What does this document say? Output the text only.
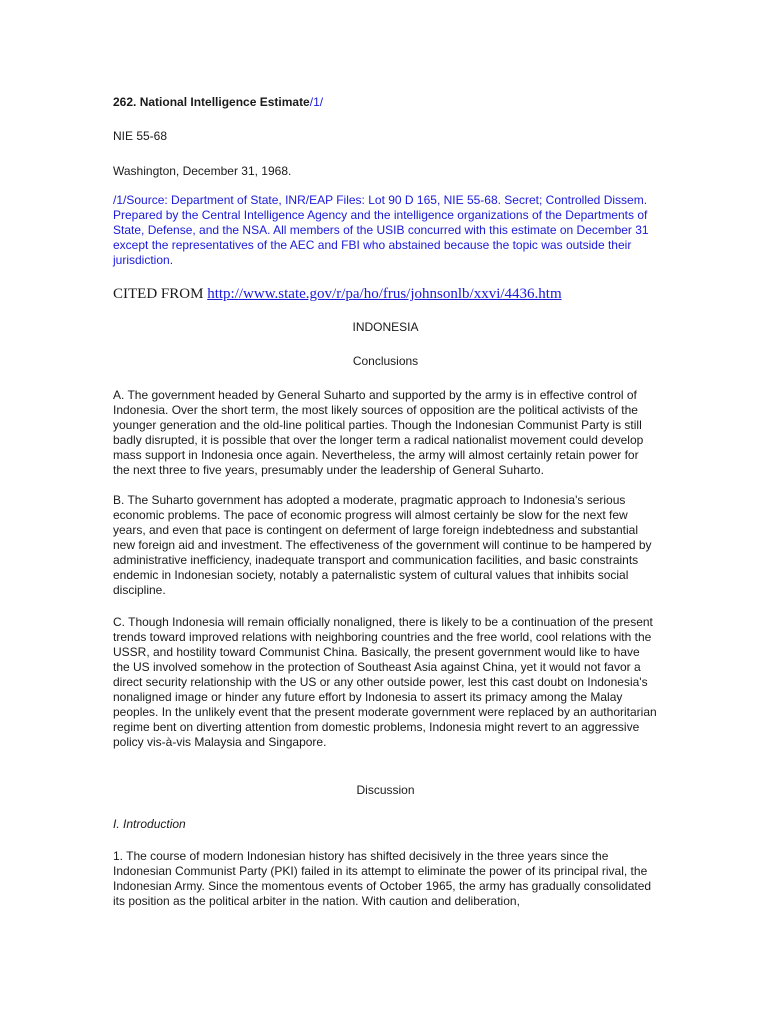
262. National Intelligence Estimate/1/

NIE 55-68

Washington, December 31, 1968.

/1/Source: Department of State, INR/EAP Files: Lot 90 D 165, NIE 55-68. Secret; Controlled Dissem. Prepared by the Central Intelligence Agency and the intelligence organizations of the Departments of State, Defense, and the NSA. All members of the USIB concurred with this estimate on December 31 except the representatives of the AEC and FBI who abstained because the topic was outside their jurisdiction.

CITED FROM http://www.state.gov/r/pa/ho/frus/johnsonlb/xxvi/4436.htm

INDONESIA

Conclusions

A. The government headed by General Suharto and supported by the army is in effective control of Indonesia. Over the short term, the most likely sources of opposition are the political activists of the younger generation and the old-line political parties. Though the Indonesian Communist Party is still badly disrupted, it is possible that over the longer term a radical nationalist movement could develop mass support in Indonesia once again. Nevertheless, the army will almost certainly retain power for the next three to five years, presumably under the leadership of General Suharto.

B. The Suharto government has adopted a moderate, pragmatic approach to Indonesia's serious economic problems. The pace of economic progress will almost certainly be slow for the next few years, and even that pace is contingent on deferment of large foreign indebtedness and substantial new foreign aid and investment. The effectiveness of the government will continue to be hampered by administrative inefficiency, inadequate transport and communication facilities, and basic constraints endemic in Indonesian society, notably a paternalistic system of cultural values that inhibits social discipline.

C. Though Indonesia will remain officially nonaligned, there is likely to be a continuation of the present trends toward improved relations with neighboring countries and the free world, cool relations with the USSR, and hostility toward Communist China. Basically, the present government would like to have the US involved somehow in the protection of Southeast Asia against China, yet it would not favor a direct security relationship with the US or any other outside power, lest this cast doubt on Indonesia's nonaligned image or hinder any future effort by Indonesia to assert its primacy among the Malay peoples. In the unlikely event that the present moderate government were replaced by an authoritarian regime bent on diverting attention from domestic problems, Indonesia might revert to an aggressive policy vis-à-vis Malaysia and Singapore.

Discussion

I. Introduction

1. The course of modern Indonesian history has shifted decisively in the three years since the Indonesian Communist Party (PKI) failed in its attempt to eliminate the power of its principal rival, the Indonesian Army. Since the momentous events of October 1965, the army has gradually consolidated its position as the political arbiter in the nation. With caution and deliberation,
